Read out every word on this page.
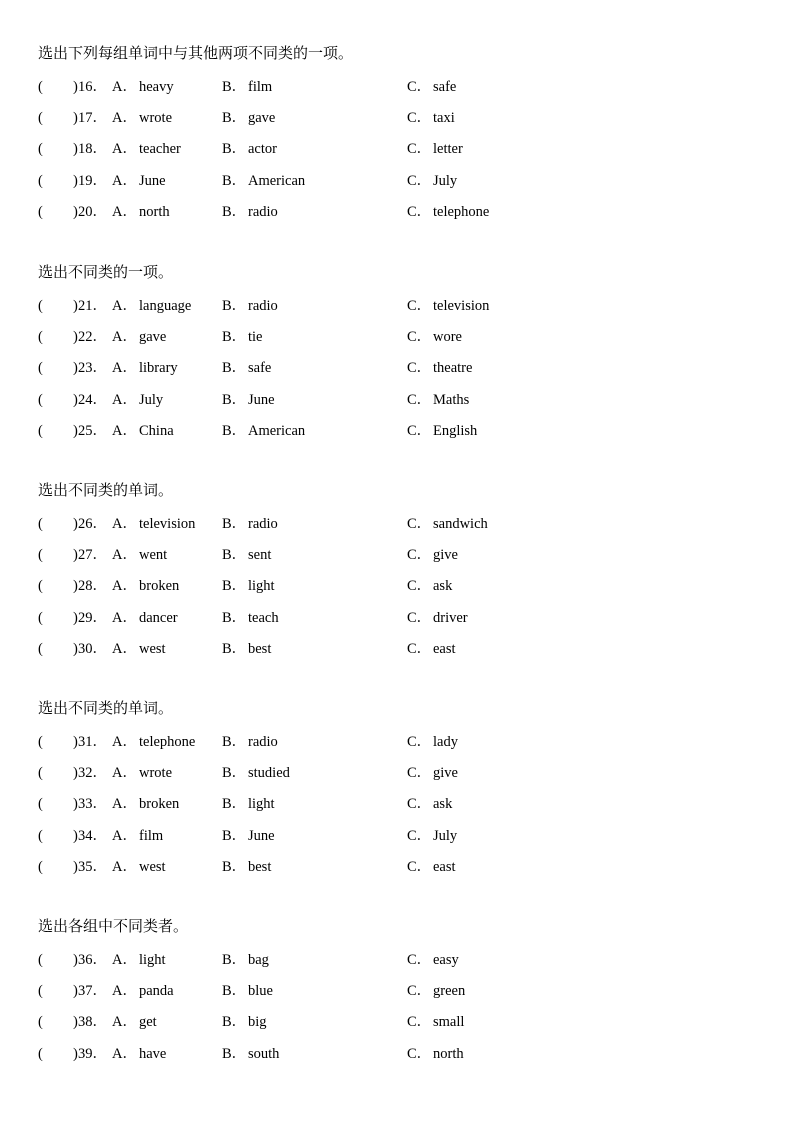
选出下列每组单词中与其他两项不同类的一项。
( ) 16． A． heavy	B． film	C． safe
( ) 17． A． wrote	B． gave	C． taxi
( ) 18． A． teacher	B． actor	C． letter
( ) 19． A． June	B． American	C． July
( ) 20． A． north	B． radio	C． telephone
选出不同类的一项。
( ) 21． A． language B． radio	C． television
( ) 22． A． gave	B． tie	C． wore
( ) 23． A． library	B． safe	C． theatre
( ) 24． A． July	B． June	C． Maths
( ) 25． A． China	B． American	C． English
选出不同类的单词。
( ) 26． A． television B． radio	C． sandwich
( ) 27． A． went	B． sent	C． give
( ) 28． A． broken	B． light	C． ask
( ) 29． A． dancer	B． teach	C． driver
( ) 30． A． west	B． best	C． east
选出不同类的单词。
( ) 31． A． telephone B． radio	C． lady
( ) 32． A． wrote	B． studied	C． give
( ) 33． A． broken	B． light	C． ask
( ) 34． A． film	B． June	C． July
( ) 35． A． west	B． best	C． east
选出各组中不同类者。
( ) 36． A． light	B． bag	C． easy
( ) 37． A． panda	B． blue	C． green
( ) 38． A． get	B． big	C． small
( ) 39． A． have	B． south	C． north
